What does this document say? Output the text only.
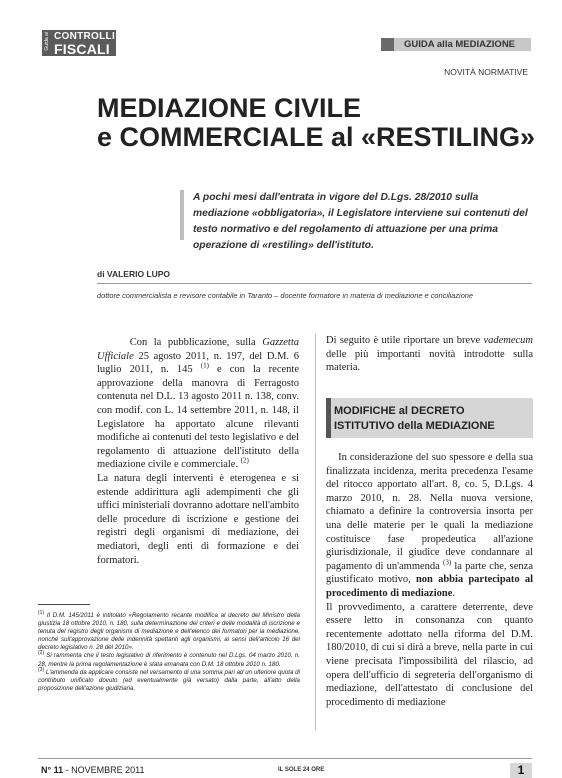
Guida ai CONTROLLI
FISCALI	GUIDA alla MEDIAZIONE
NOVITÀ NORMATIVE
MEDIAZIONE CIVILE
e COMMERCIALE al «RESTILING»
A pochi mesi dall'entrata in vigore del D.Lgs. 28/2010 sulla mediazione «obbligatoria», il Legislatore interviene sui contenuti del testo normativo e del regolamento di attuazione per una prima operazione di «restiling» dell'istituto.
di VALERIO LUPO
dottore commercialista e revisore contabile in Taranto – docente formatore in materia di mediazione e conciliazione

Con la pubblicazione, sulla Gazzetta Ufficiale 25 agosto 2011, n. 197, del D.M. 6 luglio 2011, n. 145 $^{(1)}$ e con la recente approvazione della manovra di Ferragosto contenuta nel D.L. 13 agosto 2011 n. 138, conv. con modif. con L. 14 settembre 2011, n. 148, il Legislatore ha apportato alcune rilevanti modifiche ai contenuti del testo legislativo e del regolamento di attuazione dell'istituto della mediazione civile e commerciale. $^{(2)}$

La natura degli interventi è eterogenea e si estende addirittura agli adempimenti che gli uffici ministeriali dovranno adottare nell'ambito delle procedure di iscrizione e gestione dei registri degli organismi di mediazione, dei mediatori, degli enti di formazione e dei formatori.

Di seguito è utile riportare un breve vademecum delle più importanti novità introdotte sulla materia.

MODIFICHE al DECRETO
ISTITUTIVO della MEDIAZIONE

In considerazione del suo spessore e della sua finalizzata incidenza, merita precedenza l'esame del ritocco apportato all'art. 8, co. 5, D.Lgs. 4 marzo 2010, n. 28. Nella nuova versione, chiamato a definire la controversia insorta per una delle materie per le quali la mediazione costituisce fase propedeutica all'azione giurisdizionale, il giudice deve condannare al pagamento di un'ammenda $^{(3)}$ la parte che, senza giustificato motivo, non abbia partecipato al procedimento di mediazione.

Il provvedimento, a carattere deterrente, deve essere letto in consonanza con quanto recentemente adottato nella riforma del D.M. 180/2010, di cui si dirà a breve, nella parte in cui viene precisata l'impossibilità del rilascio, ad opera dell'ufficio di segreteria dell'organismo di mediazione, dell'attestato di conclusione del procedimento di mediazione

$^{(1)}$ Il D.M. 145/2011 è intitolato «Regolamento recante modifica al decreto del Ministro della giustizia 18 ottobre 2010, n. 180, sulla determinazione dei criteri e delle modalità di iscrizione e tenuta del registro degli organismi di mediazione e dell'elenco dei formatori per la mediazione, nonché sull'approvazione delle indennità spettanti agli organismi, ai sensi dell'articolo 16 del decreto legislativo n. 28 del 2010».

$^{(2)}$ Si rammenta che il testo legislativo di riferimento è contenuto nel D.Lgs. 04 marzo 2010, n. 28, mentre la prima regolamentazione è stata emanata con D.M. 18 ottobre 2010 n. 180.

$^{(3)}$ L'ammenda da applicare consiste nel versamento di una somma pari ad un ulteriore quota di contributo unificato dovuto (ed eventualmente già versato) dalla parte, all'atto della proposizione dell'azione giudiziaria.

N° 11 - NOVEMBRE 2011	IL SOLE 24 ORE	1
